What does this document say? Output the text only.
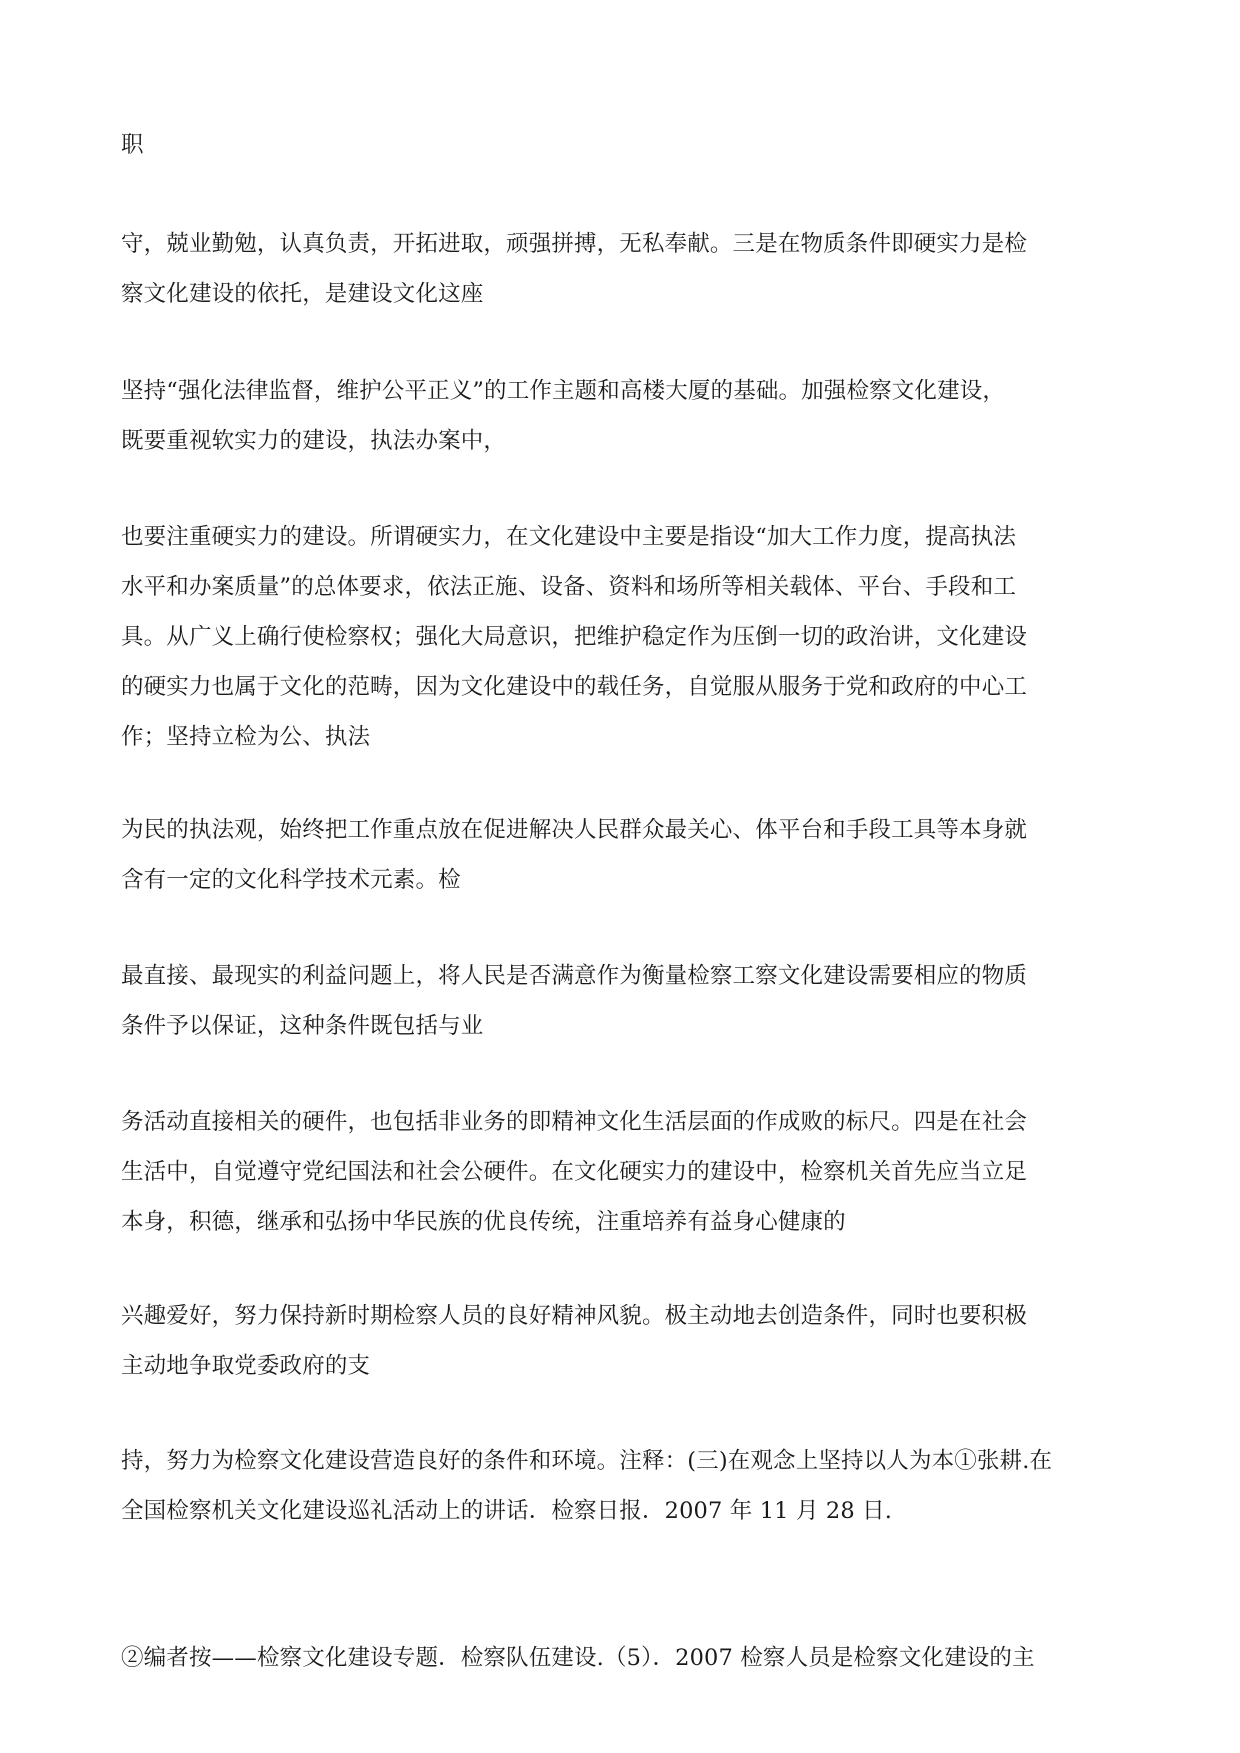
职

守，兢业勤勉，认真负责，开拓进取，顽强拼搏，无私奉献。三是在物质条件即硬实力是检
察文化建设的依托，是建设文化这座

坚持“强化法律监督，维护公平正义”的工作主题和高楼大厦的基础。加强检察文化建设，
既要重视软实力的建设，执法办案中，

也要注重硬实力的建设。所谓硬实力，在文化建设中主要是指设“加大工作力度，提高执法
水平和办案质量”的总体要求，依法正施、设备、资料和场所等相关载体、平台、手段和工
具。从广义上确行使检察权；强化大局意识，把维护稳定作为压倒一切的政治讲，文化建设
的硬实力也属于文化的范畴，因为文化建设中的载任务，自觉服从服务于党和政府的中心工
作；坚持立检为公、执法

为民的执法观，始终把工作重点放在促进解决人民群众最关心、体平台和手段工具等本身就
含有一定的文化科学技术元素。检

最直接、最现实的利益问题上，将人民是否满意作为衡量检察工察文化建设需要相应的物质
条件予以保证，这种条件既包括与业

务活动直接相关的硬件，也包括非业务的即精神文化生活层面的作成败的标尺。四是在社会
生活中，自觉遵守党纪国法和社会公硬件。在文化硬实力的建设中，检察机关首先应当立足
本身，积德，继承和弘扬中华民族的优良传统，注重培养有益身心健康的

兴趣爱好，努力保持新时期检察人员的良好精神风貌。极主动地去创造条件，同时也要积极
主动地争取党委政府的支

持，努力为检察文化建设营造良好的条件和环境。注释：(三)在观念上坚持以人为本①张耕.在
全国检察机关文化建设巡礼活动上的讲话．检察日报．2007 年 11 月 28 日.

②编者按——检察文化建设专题．检察队伍建设.（5）．2007 检察人员是检察文化建设的主
